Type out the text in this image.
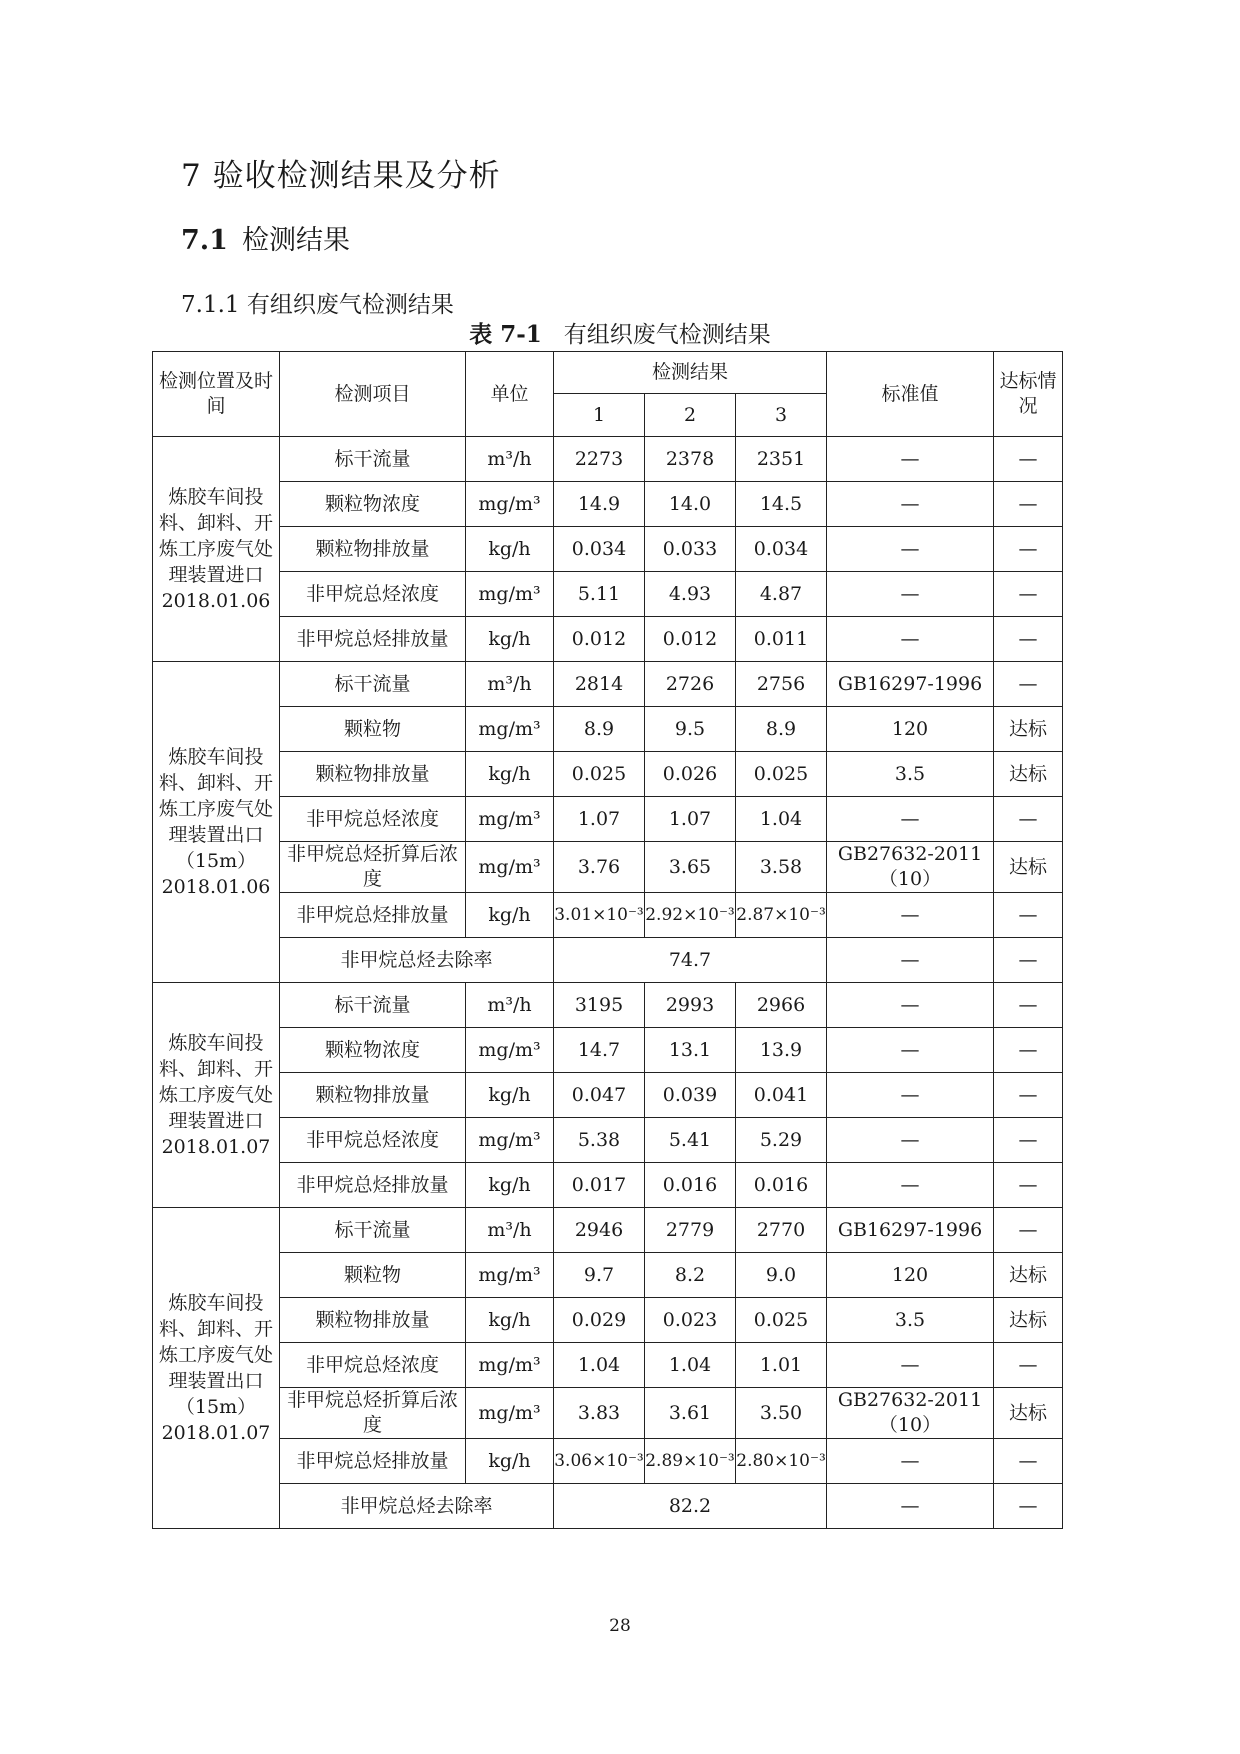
7 验收检测结果及分析
7.1 检测结果
7.1.1 有组织废气检测结果
表 7-1 有组织废气检测结果
检测位置及时间	检测项目	单位	检测结果			标准值	达标情况
			1	2	3		

炼胶车间投料、卸料、开炼工序废气处理装置进口
2018.01.06	标干流量	m³/h	2273	2378	2351	—	—
	颗粒物浓度	mg/m³	14.9	14.0	14.5	—	—
	颗粒物排放量	kg/h	0.034	0.033	0.034	—	—
	非甲烷总烃浓度	mg/m³	5.11	4.93	4.87	—	—
	非甲烷总烃排放量	kg/h	0.012	0.012	0.011	—	—

炼胶车间投料、卸料、开炼工序废气处理装置出口（15m）
2018.01.06	标干流量	m³/h	2814	2726	2756	GB16297-1996	—
	颗粒物	mg/m³	8.9	9.5	8.9	120	达标
	颗粒物排放量	kg/h	0.025	0.026	0.025	3.5	达标
	非甲烷总烃浓度	mg/m³	1.07	1.07	1.04	—	—
	非甲烷总烃折算后浓度	mg/m³	3.76	3.65	3.58	GB27632-2011（10）	达标
	非甲烷总烃排放量	kg/h	3.01×10⁻³	2.92×10⁻³	2.87×10⁻³	—	—
	非甲烷总烃去除率		74.7			—	—

炼胶车间投料、卸料、开炼工序废气处理装置进口
2018.01.07	标干流量	m³/h	3195	2993	2966	—	—
	颗粒物浓度	mg/m³	14.7	13.1	13.9	—	—
	颗粒物排放量	kg/h	0.047	0.039	0.041	—	—
	非甲烷总烃浓度	mg/m³	5.38	5.41	5.29	—	—
	非甲烷总烃排放量	kg/h	0.017	0.016	0.016	—	—

炼胶车间投料、卸料、开炼工序废气处理装置出口（15m）
2018.01.07	标干流量	m³/h	2946	2779	2770	GB16297-1996	—
	颗粒物	mg/m³	9.7	8.2	9.0	120	达标
	颗粒物排放量	kg/h	0.029	0.023	0.025	3.5	达标
	非甲烷总烃浓度	mg/m³	1.04	1.04	1.01	—	—
	非甲烷总烃折算后浓度	mg/m³	3.83	3.61	3.50	GB27632-2011（10）	达标
	非甲烷总烃排放量	kg/h	3.06×10⁻³	2.89×10⁻³	2.80×10⁻³	—	—
	非甲烷总烃去除率		82.2			—	—
28
